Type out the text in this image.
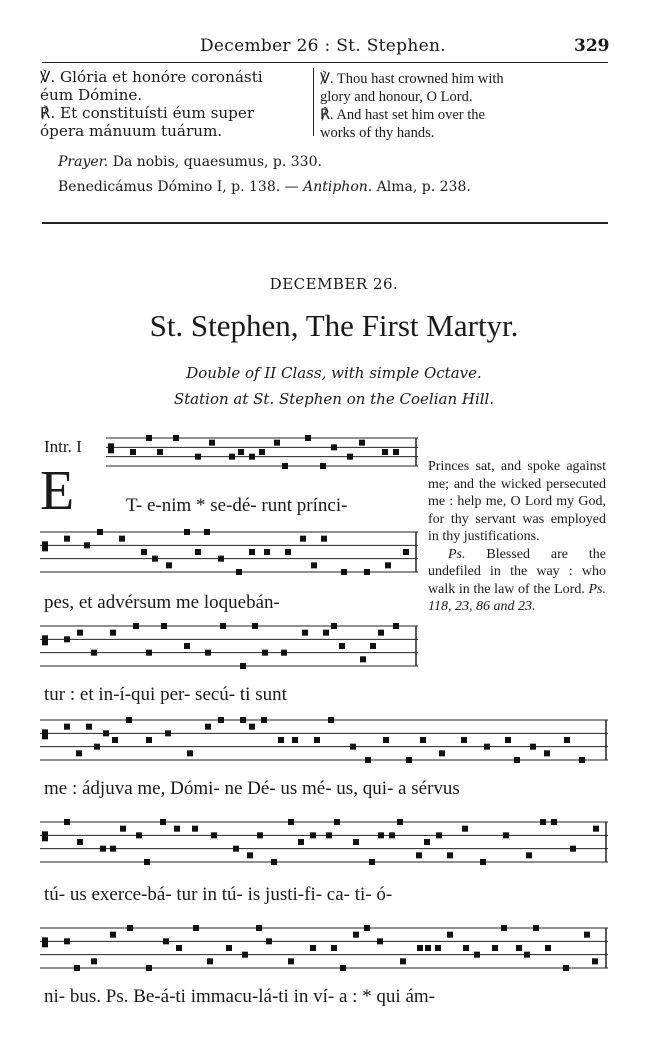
December 26 : St. Stephen.	329
℣. Glória et honóre coronásti
éum Dómine.
℟. Et constituísti éum super
ópera mánuum tuárum.
℣. Thou hast crowned him with
glory and honour, O Lord.
℟. And hast set him over the
works of thy hands.
Prayer. Da nobis, quaesumus, p. 330.
Benedicámus Dómino I, p. 138. — Antiphon. Alma, p. 238.
DECEMBER 26.
St. Stephen, The First Martyr.
Double of II Class, with simple Octave.
Station at St. Stephen on the Coelian Hill.
Intr. I
E	Princes sat, and spoke against me; and the wicked persecuted me : help me, O Lord my God, for thy servant was employed in thy justifications.
Ps. Blessed are the undefiled in the way : who walk in the law of the Lord. Ps. 118, 23, 86 and 23.
T- e-nim * se-dé- runt prínci-
pes, et advérsum me loquebán-
tur : et in-í-qui per- secú- ti sunt
me : ádjuva me, Dómi- ne Dé- us mé- us, qui- a sérvus
tú- us exerce-bá- tur in tú- is justi-fi- ca- ti- ó-
ni- bus. Ps. Be-á-ti immacu-lá-ti in ví- a : * qui ám-
